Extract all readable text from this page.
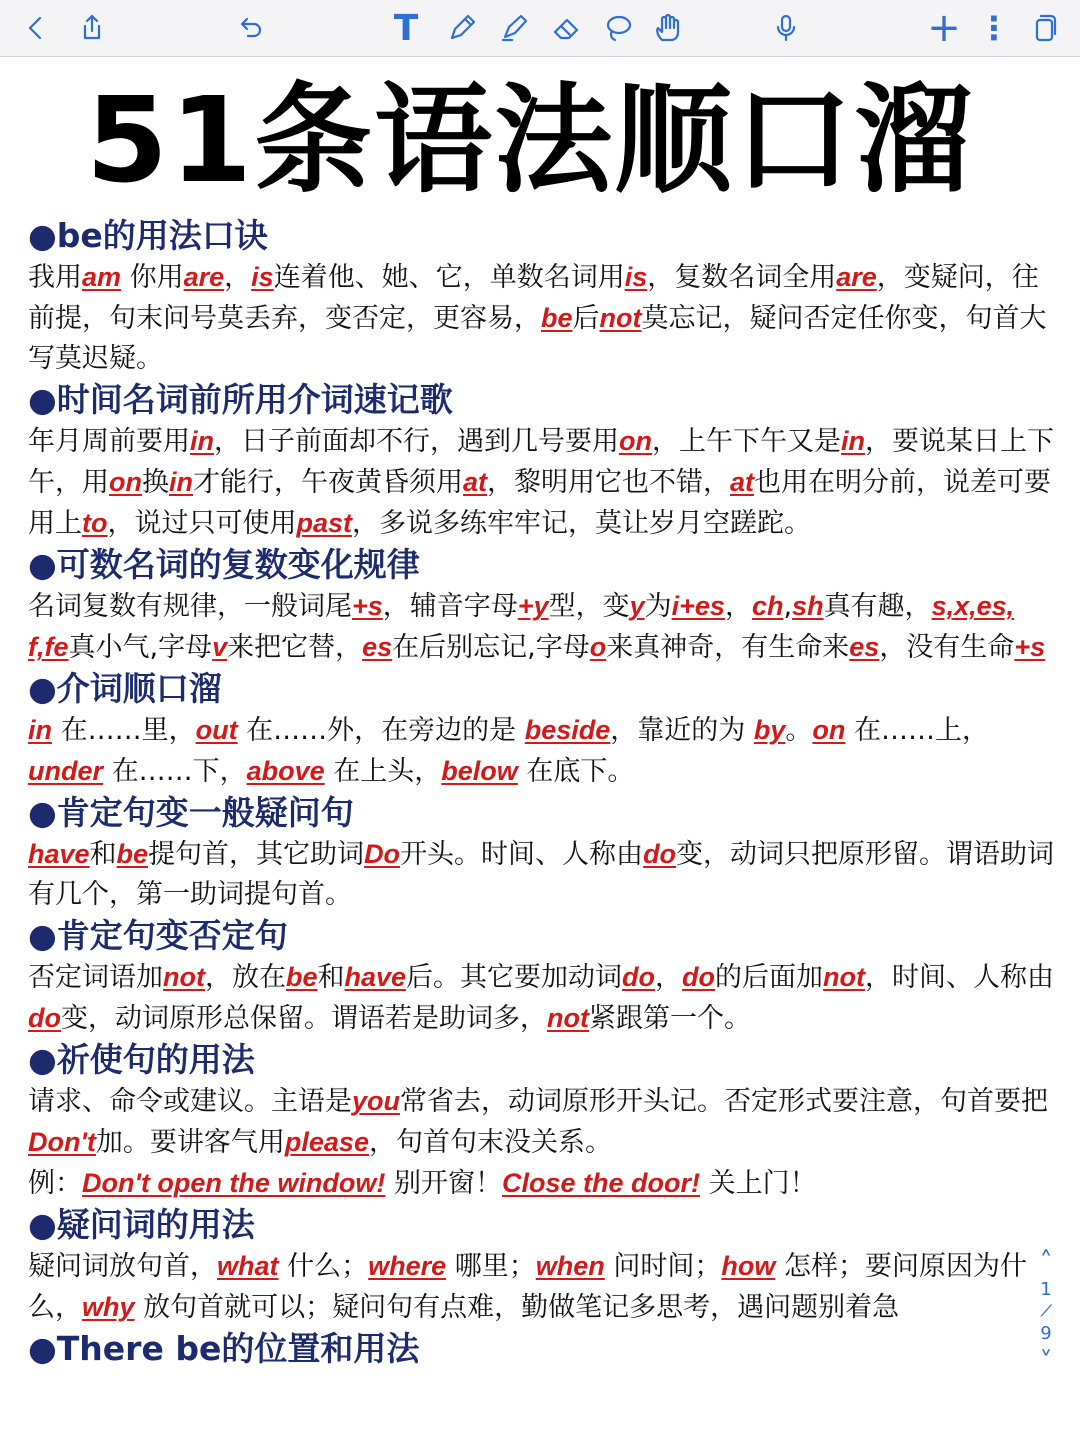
T	+ ⋮
51条语法顺口溜
●be的用法口诀

我用am 你用are，is连着他、她、它，单数名词用is，复数名词全用are，变疑问，往前提，句末问号莫丢弃，变否定，更容易，be后not莫忘记，疑问否定任你变，句首大写莫迟疑。

●时间名词前所用介词速记歌

年月周前要用in，日子前面却不行，遇到几号要用on，上午下午又是in，要说某日上下午，用on换in才能行，午夜黄昏须用at，黎明用它也不错，at也用在明分前，说差可要用上to，说过只可使用past，多说多练牢牢记，莫让岁月空蹉跎。

●可数名词的复数变化规律

名词复数有规律，一般词尾+s，辅音字母+y型，变y为i+es，ch,sh真有趣，s,x,es, f,fe真小气,字母v来把它替，es在后别忘记,字母o来真神奇，有生命来es，没有生命+s

●介词顺口溜

in 在……里，out 在……外，在旁边的是 beside，靠近的为 by。on 在……上，under 在……下，above 在上头，below 在底下。

●肯定句变一般疑问句

have和be提句首，其它助词Do开头。时间、人称由do变，动词只把原形留。谓语助词有几个，第一助词提句首。

●肯定句变否定句

否定词语加not，放在be和have后。其它要加动词do，do的后面加not，时间、人称由do变，动词原形总保留。谓语若是助词多，not紧跟第一个。

●祈使句的用法

请求、命令或建议。主语是you常省去，动词原形开头记。否定形式要注意，句首要把Don't加。要讲客气用please，句首句末没关系。

例：Don't open the window! 别开窗！Close the door! 关上门！

●疑问词的用法

疑问词放句首，what 什么；where 哪里；when 问时间；how 怎样；要问原因为什么，why 放句首就可以；疑问句有点难，勤做笔记多思考，遇问题别着急

●There be的位置和用法
˄
1
⁄
9
˅
